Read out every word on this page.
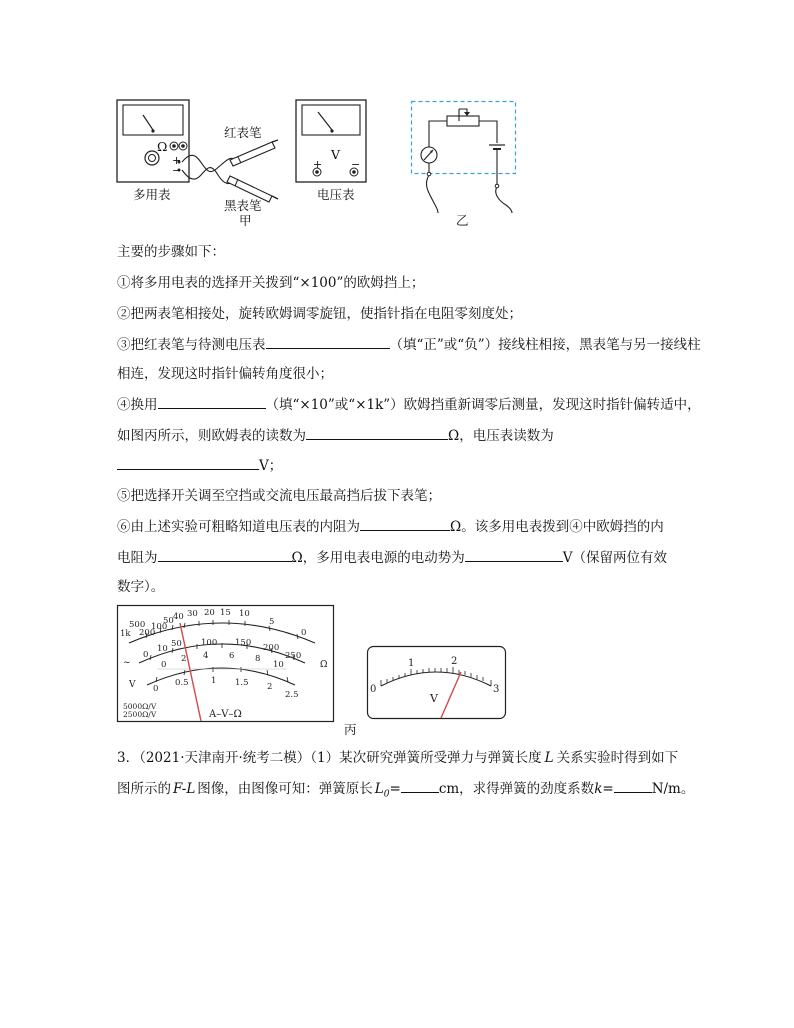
Ω
+
−
多用表
红表笔
黑表笔
甲
V
+	−
电压表
乙
主要的步骤如下：
①将多用电表的选择开关拨到“×100”的欧姆挡上；
②把两表笔相接处，旋转欧姆调零旋钮，使指针指在电阻零刻度处；
③把红表笔与待测电压表	（填“正”或“负”）接线柱相接，黑表笔与另一接线柱
相连，发现这时指针偏转角度很小；
④换用	（填“×10”或“×1k”）欧姆挡重新调零后测量，发现这时指针偏转适中，
如图丙所示，则欧姆表的读数为	Ω，电压表读数为
V；
⑤把选择开关调至空挡或交流电压最高挡后拔下表笔；
⑥由上述实验可粗略知道电压表的内阻为	Ω。该多用电表拨到④中欧姆挡的内
电阻为	Ω，多用电表电源的电动势为	V（保留两位有效
数字）。
500
1k 200
100
50 40 30 20 15 10
5
0
0
10 50 100 150 200
250
0
2 4 6 8
10
0
0.5	1 1.5 2
2.5
~
V
Ω
5000Ω/V
2500Ω/V	A–V–Ω
0
1	2
3
V
丙
3．（2021·天津南开·统考二模）（1）某次研究弹簧所受弹力与弹簧长度 L 关系实验时得到如下
图所示的 F-L 图像，由图像可知：弹簧原长 $L_0=$	cm，求得弹簧的劲度系数k=	N/m。
